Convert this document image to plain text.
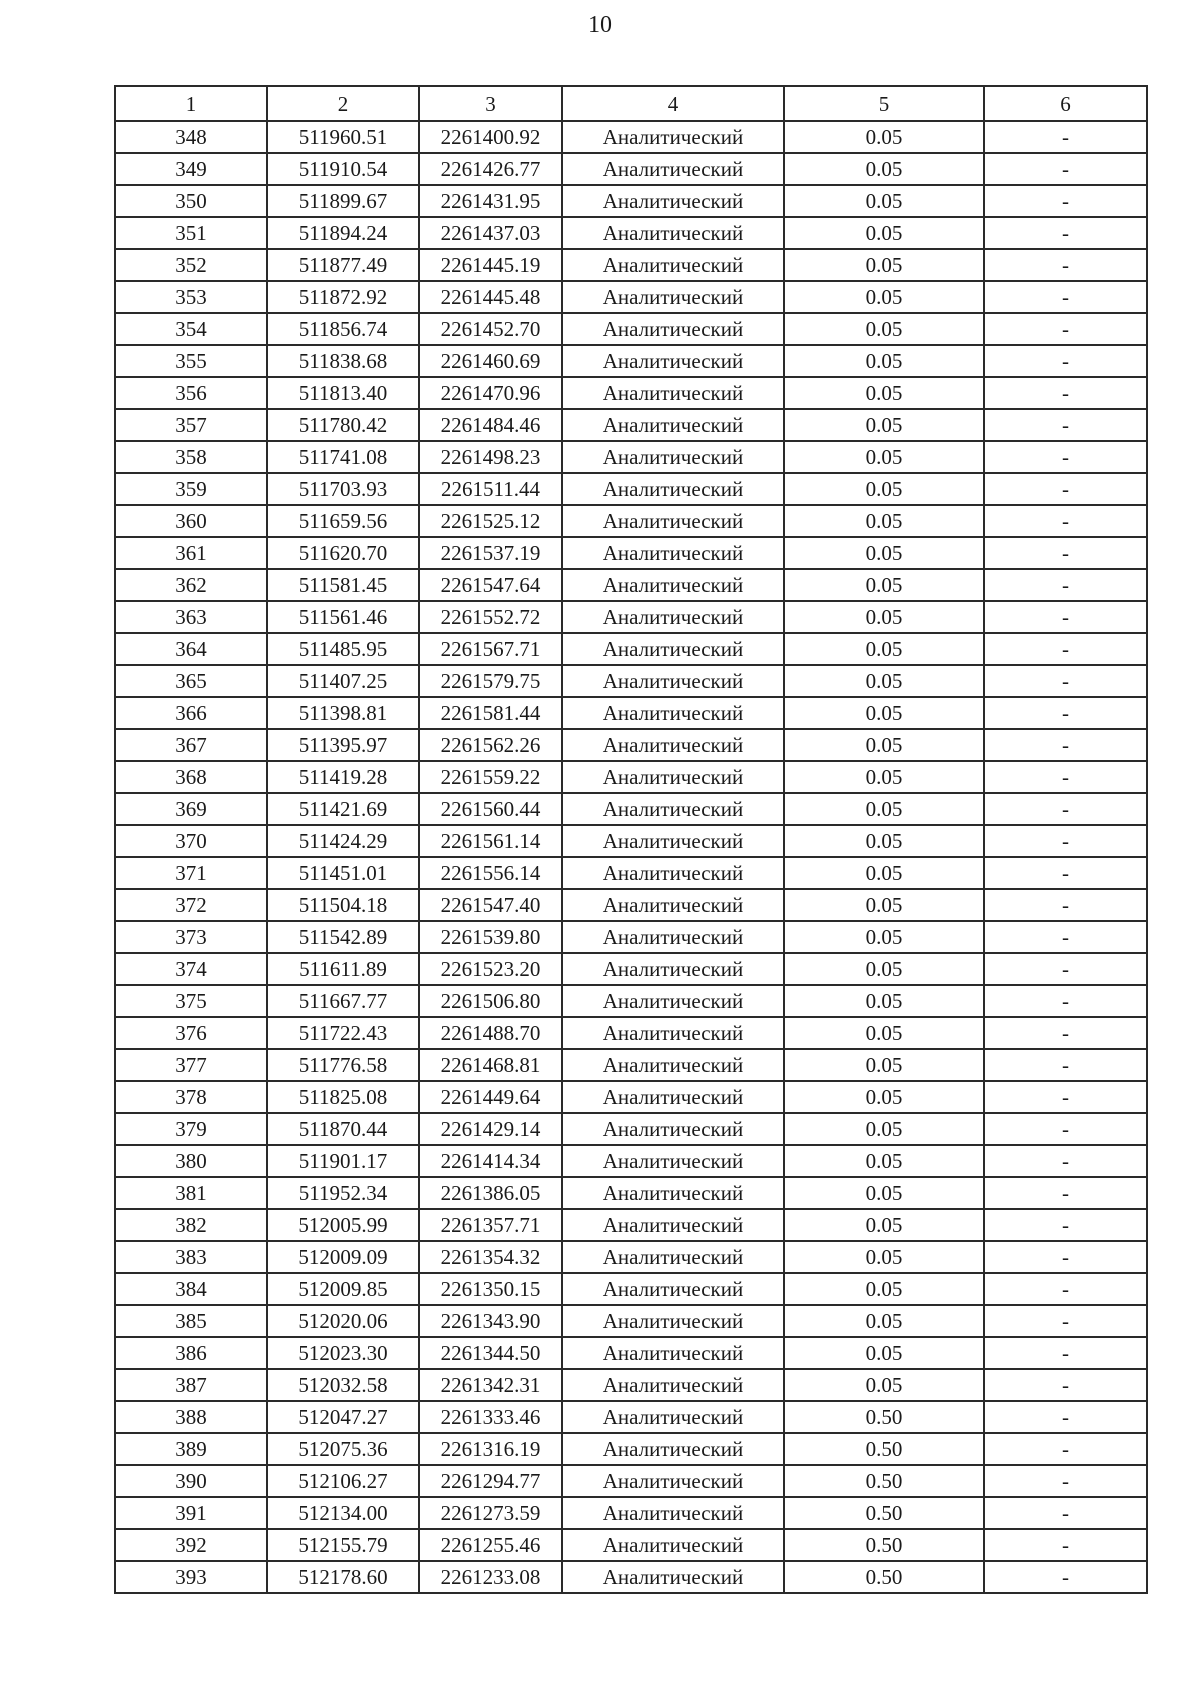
10
1	2	3	4	5	6
348	511960.51	2261400.92	Аналитический	0.05	-
349	511910.54	2261426.77	Аналитический	0.05	-
350	511899.67	2261431.95	Аналитический	0.05	-
351	511894.24	2261437.03	Аналитический	0.05	-
352	511877.49	2261445.19	Аналитический	0.05	-
353	511872.92	2261445.48	Аналитический	0.05	-
354	511856.74	2261452.70	Аналитический	0.05	-
355	511838.68	2261460.69	Аналитический	0.05	-
356	511813.40	2261470.96	Аналитический	0.05	-
357	511780.42	2261484.46	Аналитический	0.05	-
358	511741.08	2261498.23	Аналитический	0.05	-
359	511703.93	2261511.44	Аналитический	0.05	-
360	511659.56	2261525.12	Аналитический	0.05	-
361	511620.70	2261537.19	Аналитический	0.05	-
362	511581.45	2261547.64	Аналитический	0.05	-
363	511561.46	2261552.72	Аналитический	0.05	-
364	511485.95	2261567.71	Аналитический	0.05	-
365	511407.25	2261579.75	Аналитический	0.05	-
366	511398.81	2261581.44	Аналитический	0.05	-
367	511395.97	2261562.26	Аналитический	0.05	-
368	511419.28	2261559.22	Аналитический	0.05	-
369	511421.69	2261560.44	Аналитический	0.05	-
370	511424.29	2261561.14	Аналитический	0.05	-
371	511451.01	2261556.14	Аналитический	0.05	-
372	511504.18	2261547.40	Аналитический	0.05	-
373	511542.89	2261539.80	Аналитический	0.05	-
374	511611.89	2261523.20	Аналитический	0.05	-
375	511667.77	2261506.80	Аналитический	0.05	-
376	511722.43	2261488.70	Аналитический	0.05	-
377	511776.58	2261468.81	Аналитический	0.05	-
378	511825.08	2261449.64	Аналитический	0.05	-
379	511870.44	2261429.14	Аналитический	0.05	-
380	511901.17	2261414.34	Аналитический	0.05	-
381	511952.34	2261386.05	Аналитический	0.05	-
382	512005.99	2261357.71	Аналитический	0.05	-
383	512009.09	2261354.32	Аналитический	0.05	-
384	512009.85	2261350.15	Аналитический	0.05	-
385	512020.06	2261343.90	Аналитический	0.05	-
386	512023.30	2261344.50	Аналитический	0.05	-
387	512032.58	2261342.31	Аналитический	0.05	-
388	512047.27	2261333.46	Аналитический	0.50	-
389	512075.36	2261316.19	Аналитический	0.50	-
390	512106.27	2261294.77	Аналитический	0.50	-
391	512134.00	2261273.59	Аналитический	0.50	-
392	512155.79	2261255.46	Аналитический	0.50	-
393	512178.60	2261233.08	Аналитический	0.50	-
